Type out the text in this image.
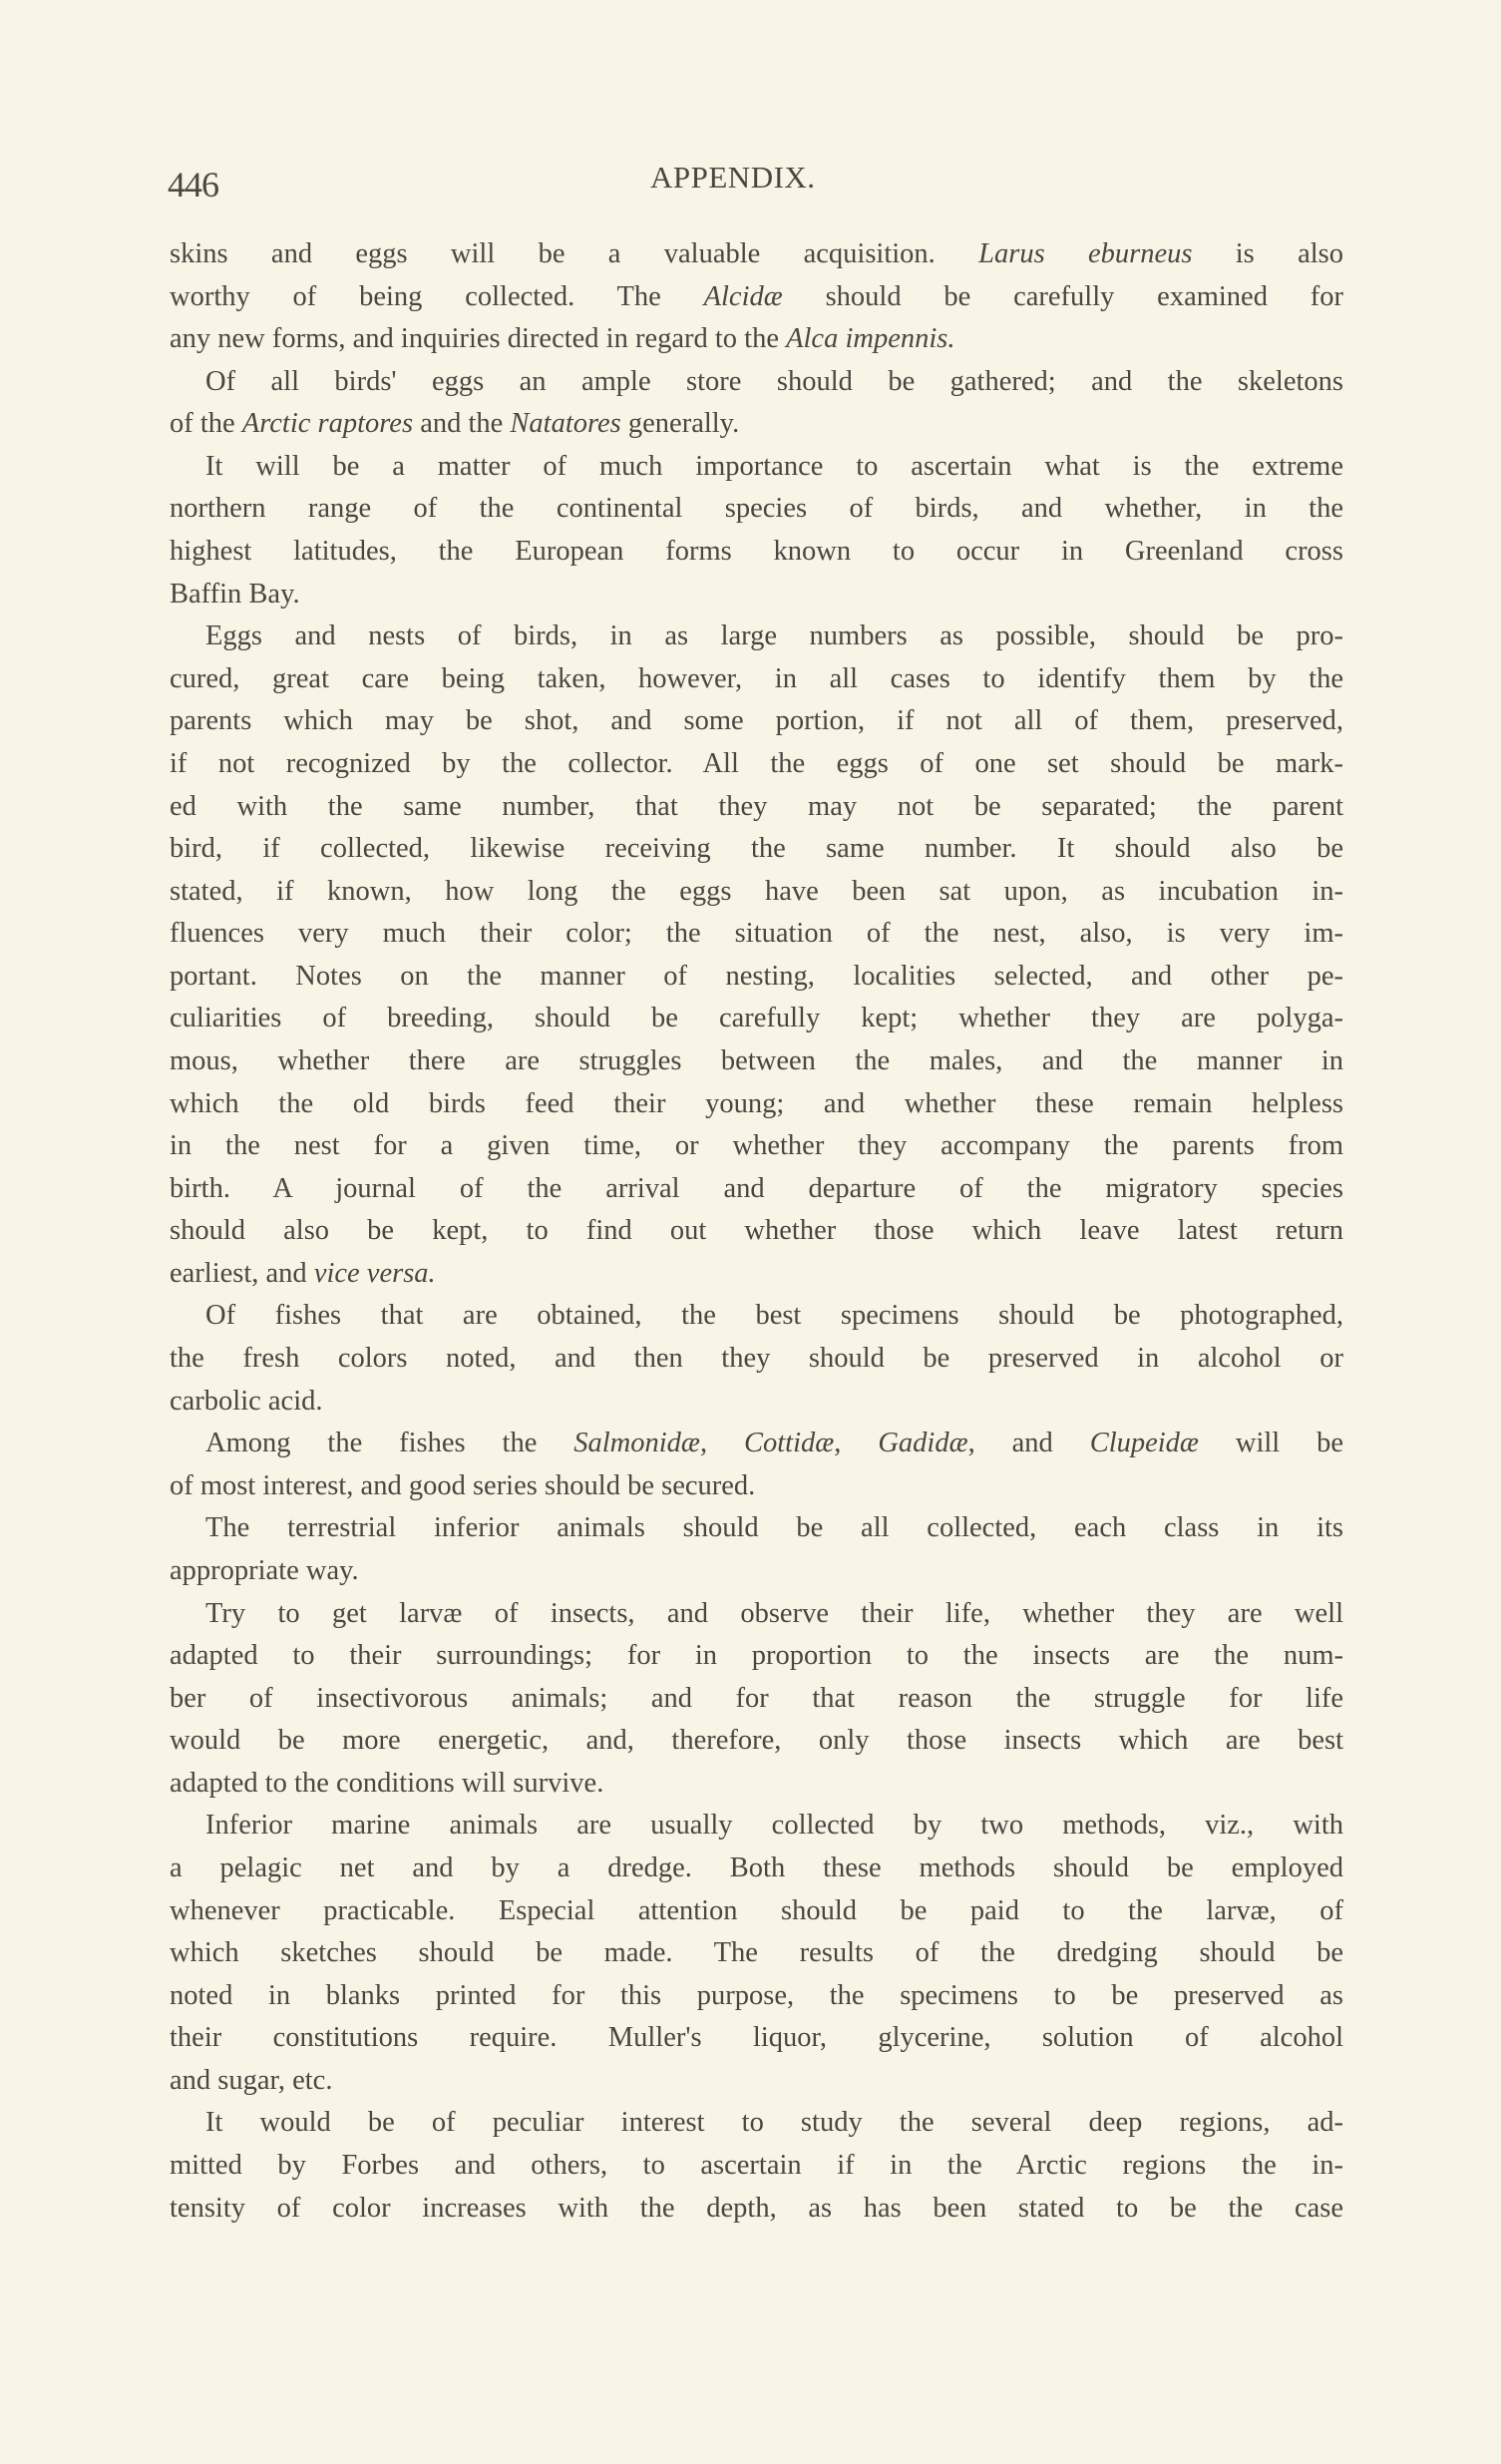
446	APPENDIX.
skins and eggs will be a valuable acquisition. Larus eburneus is also
worthy of being collected. The Alcidæ should be carefully examined for
any new forms, and inquiries directed in regard to the Alca impennis.
Of all birds' eggs an ample store should be gathered; and the skeletons
of the Arctic raptores and the Natatores generally.
It will be a matter of much importance to ascertain what is the extreme
northern range of the continental species of birds, and whether, in the
highest latitudes, the European forms known to occur in Greenland cross
Baffin Bay.
Eggs and nests of birds, in as large numbers as possible, should be pro-
cured, great care being taken, however, in all cases to identify them by the
parents which may be shot, and some portion, if not all of them, preserved,
if not recognized by the collector. All the eggs of one set should be mark-
ed with the same number, that they may not be separated; the parent
bird, if collected, likewise receiving the same number. It should also be
stated, if known, how long the eggs have been sat upon, as incubation in-
fluences very much their color; the situation of the nest, also, is very im-
portant. Notes on the manner of nesting, localities selected, and other pe-
culiarities of breeding, should be carefully kept; whether they are polyga-
mous, whether there are struggles between the males, and the manner in
which the old birds feed their young; and whether these remain helpless
in the nest for a given time, or whether they accompany the parents from
birth. A journal of the arrival and departure of the migratory species
should also be kept, to find out whether those which leave latest return
earliest, and vice versa.
Of fishes that are obtained, the best specimens should be photographed,
the fresh colors noted, and then they should be preserved in alcohol or
carbolic acid.
Among the fishes the Salmonidæ, Cottidæ, Gadidæ, and Clupeidæ will be
of most interest, and good series should be secured.
The terrestrial inferior animals should be all collected, each class in its
appropriate way.
Try to get larvæ of insects, and observe their life, whether they are well
adapted to their surroundings; for in proportion to the insects are the num-
ber of insectivorous animals; and for that reason the struggle for life
would be more energetic, and, therefore, only those insects which are best
adapted to the conditions will survive.
Inferior marine animals are usually collected by two methods, viz., with
a pelagic net and by a dredge. Both these methods should be employed
whenever practicable. Especial attention should be paid to the larvæ, of
which sketches should be made. The results of the dredging should be
noted in blanks printed for this purpose, the specimens to be preserved as
their constitutions require. Muller's liquor, glycerine, solution of alcohol
and sugar, etc.
It would be of peculiar interest to study the several deep regions, ad-
mitted by Forbes and others, to ascertain if in the Arctic regions the in-
tensity of color increases with the depth, as has been stated to be the case
